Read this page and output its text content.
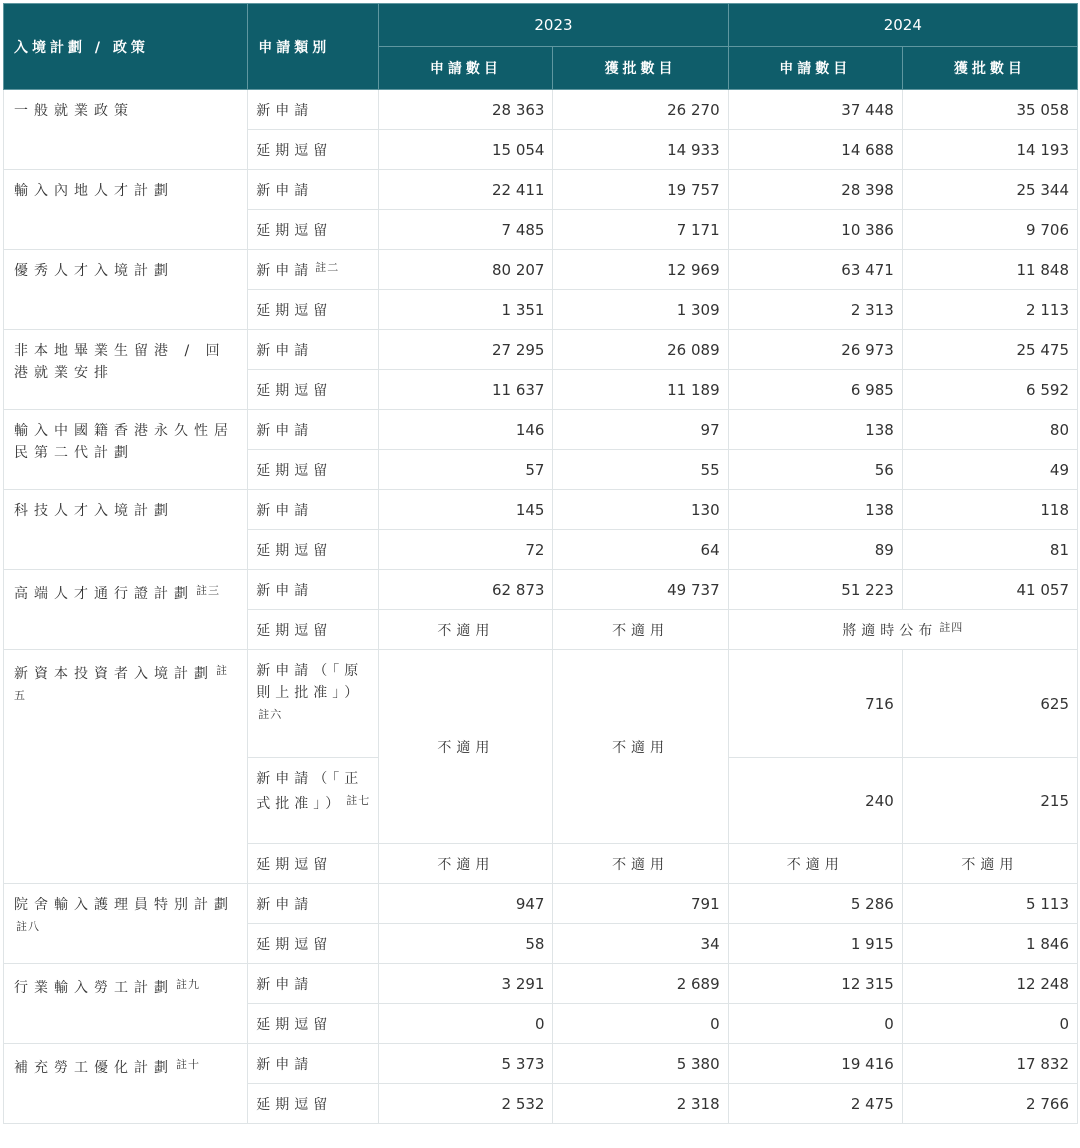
入境計劃 / 政策	申請類別	2023		2024	
		申請數目	獲批數目	申請數目	獲批數目
一般就業政策	新申請	28 363	26 270	37 448	35 058
	延期逗留	15 054	14 933	14 688	14 193
輸入內地人才計劃	新申請	22 411	19 757	28 398	25 344
	延期逗留	7 485	7 171	10 386	9 706
優秀人才入境計劃	新申請 $^{註二}$	80 207	12 969	63 471	11 848
	延期逗留	1 351	1 309	2 313	2 113
非本地畢業生留港 / 回港就業安排	新申請	27 295	26 089	26 973	25 475
	延期逗留	11 637	11 189	6 985	6 592
輸入中國籍香港永久性居民第二代計劃	新申請	146	97	138	80
	延期逗留	57	55	56	49
科技人才入境計劃	新申請	145	130	138	118
	延期逗留	72	64	89	81
高端人才通行證計劃 $^{註三}$	新申請	62 873	49 737	51 223	41 057
	延期逗留	不適用	不適用	將適時公布 $^{註四}$
新資本投資者入境計劃 $^{註五}$	新申請（「原則上批准」）$^{註六}$	不適用	不適用	716	625
	新申請（「正式批准」） $^{註七}$			240	215
	延期逗留	不適用	不適用	不適用	不適用
院舍輸入護理員特別計劃$^{註八}$	新申請	947	791	5 286	5 113
	延期逗留	58	34	1 915	1 846
行業輸入勞工計劃 $^{註九}$	新申請	3 291	2 689	12 315	12 248
	延期逗留	0	0	0	0
補充勞工優化計劃 $^{註十}$	新申請	5 373	5 380	19 416	17 832
	延期逗留	2 532	2 318	2 475	2 766
